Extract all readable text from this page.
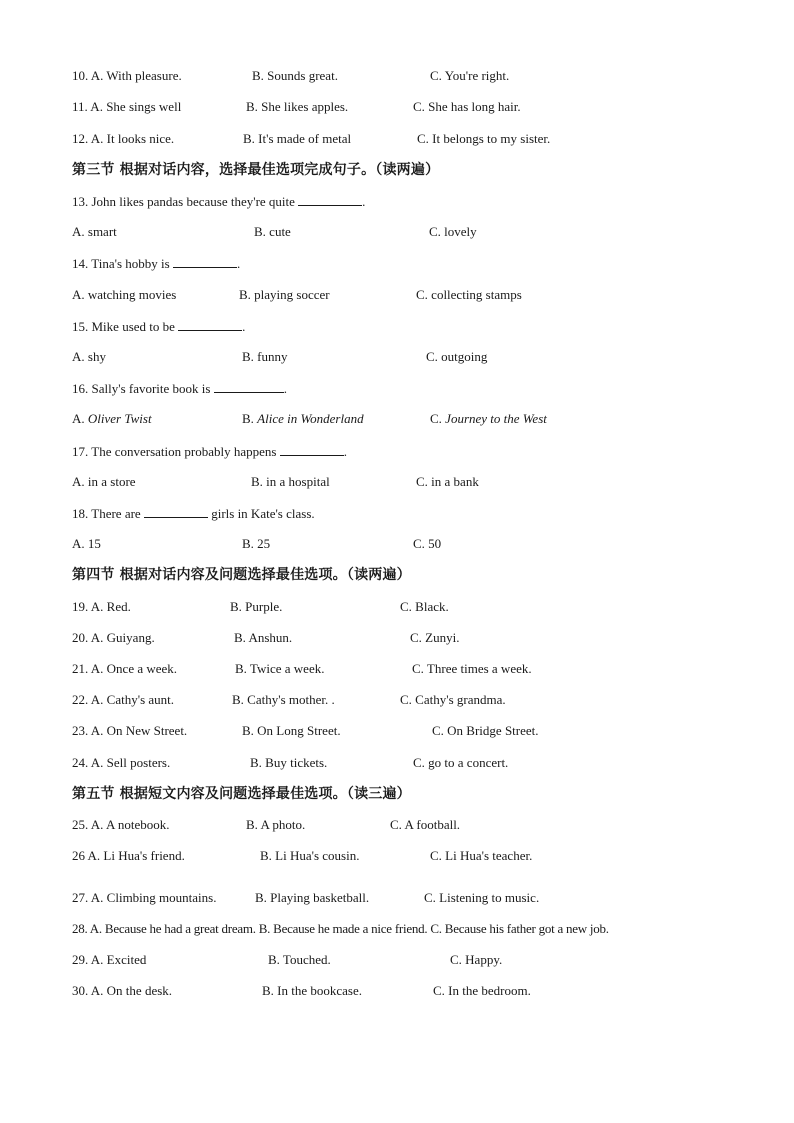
10. A. With pleasure.	B. Sounds great.	C. You're right.
11. A. She sings well	B. She likes apples.	C. She has long hair.
12. A. It looks nice.	B. It's made of metal	C. It belongs to my sister.
第三节 根据对话内容，选择最佳选项完成句子。（读两遍）
13. John likes pandas because they're quite	.
A. smart	B. cute	C. lovely
14. Tina's hobby is	.
A. watching movies	B. playing soccer	C. collecting stamps
15. Mike used to be	.
A. shy	B. funny	C. outgoing
16. Sally's favorite book is	.
A. Oliver Twist	B. Alice in Wonderland	C. Journey to the West
17. The conversation probably happens	.
A. in a store	B. in a hospital	C. in a bank
18. There are	girls in Kate's class.
A. 15	B. 25	C. 50
第四节 根据对话内容及问题选择最佳选项。（读两遍）
19. A. Red.	B. Purple.	C. Black.
20. A. Guiyang.	B. Anshun.	C. Zunyi.
21. A. Once a week.	B. Twice a week.	C. Three times a week.
22. A. Cathy's aunt.	B. Cathy's mother. .	C. Cathy's grandma.
23. A. On New Street.	B. On Long Street.	C. On Bridge Street.
24. A. Sell posters.	B. Buy tickets.	C. go to a concert.
第五节 根据短文内容及问题选择最佳选项。（读三遍）
25. A. A notebook.	B. A photo.	C. A football.
26 A. Li Hua's friend.	B. Li Hua's cousin.	C. Li Hua's teacher.
27. A. Climbing mountains.	B. Playing basketball.	C. Listening to music.
28. A. Because he had a great dream. B. Because he made a nice friend. C. Because his father got a new job.
29. A. Excited	B. Touched.	C. Happy.
30. A. On the desk.	B. In the bookcase.	C. In the bedroom.
